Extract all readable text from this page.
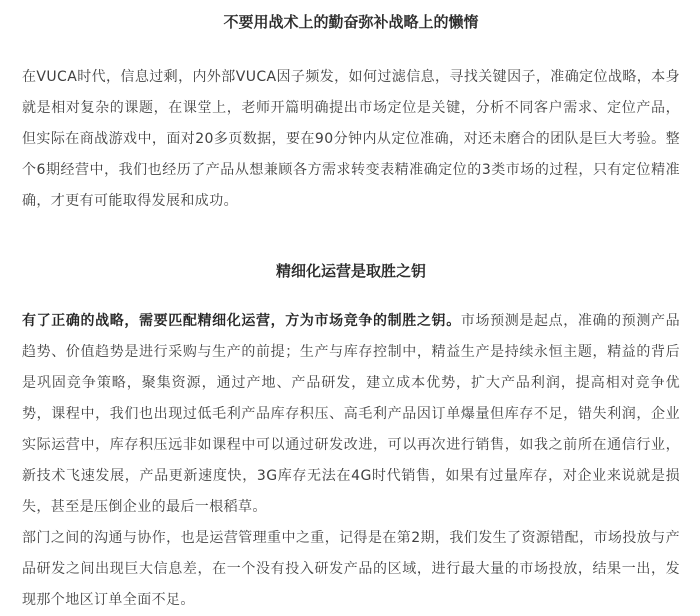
不要用战术上的勤奋弥补战略上的懒惰

在VUCA时代，信息过剩，内外部VUCA因子频发，如何过滤信息，寻找关键因子，准确定位战略，本身就是相对复杂的课题，在课堂上，老师开篇明确提出市场定位是关键，分析不同客户需求、定位产品，但实际在商战游戏中，面对20多页数据，要在90分钟内从定位准确，对还未磨合的团队是巨大考验。整个6期经营中，我们也经历了产品从想兼顾各方需求转变表精准确定位的3类市场的过程，只有定位精准确，才更有可能取得发展和成功。

精细化运营是取胜之钥

有了正确的战略，需要匹配精细化运营，方为市场竞争的制胜之钥。市场预测是起点，准确的预测产品趋势、价值趋势是进行采购与生产的前提；生产与库存控制中，精益生产是持续永恒主题，精益的背后是巩固竞争策略，聚集资源，通过产地、产品研发，建立成本优势，扩大产品利润，提高相对竞争优势，课程中，我们也出现过低毛利产品库存积压、高毛利产品因订单爆量但库存不足，错失利润，企业实际运营中，库存积压远非如课程中可以通过研发改进，可以再次进行销售，如我之前所在通信行业，新技术飞速发展，产品更新速度快，3G库存无法在4G时代销售，如果有过量库存，对企业来说就是损失，甚至是压倒企业的最后一根稻草。

部门之间的沟通与协作，也是运营管理重中之重，记得是在第2期，我们发生了资源错配，市场投放与产品研发之间出现巨大信息差，在一个没有投入研发产品的区域，进行最大量的市场投放，结果一出，发现那个地区订单全面不足。
